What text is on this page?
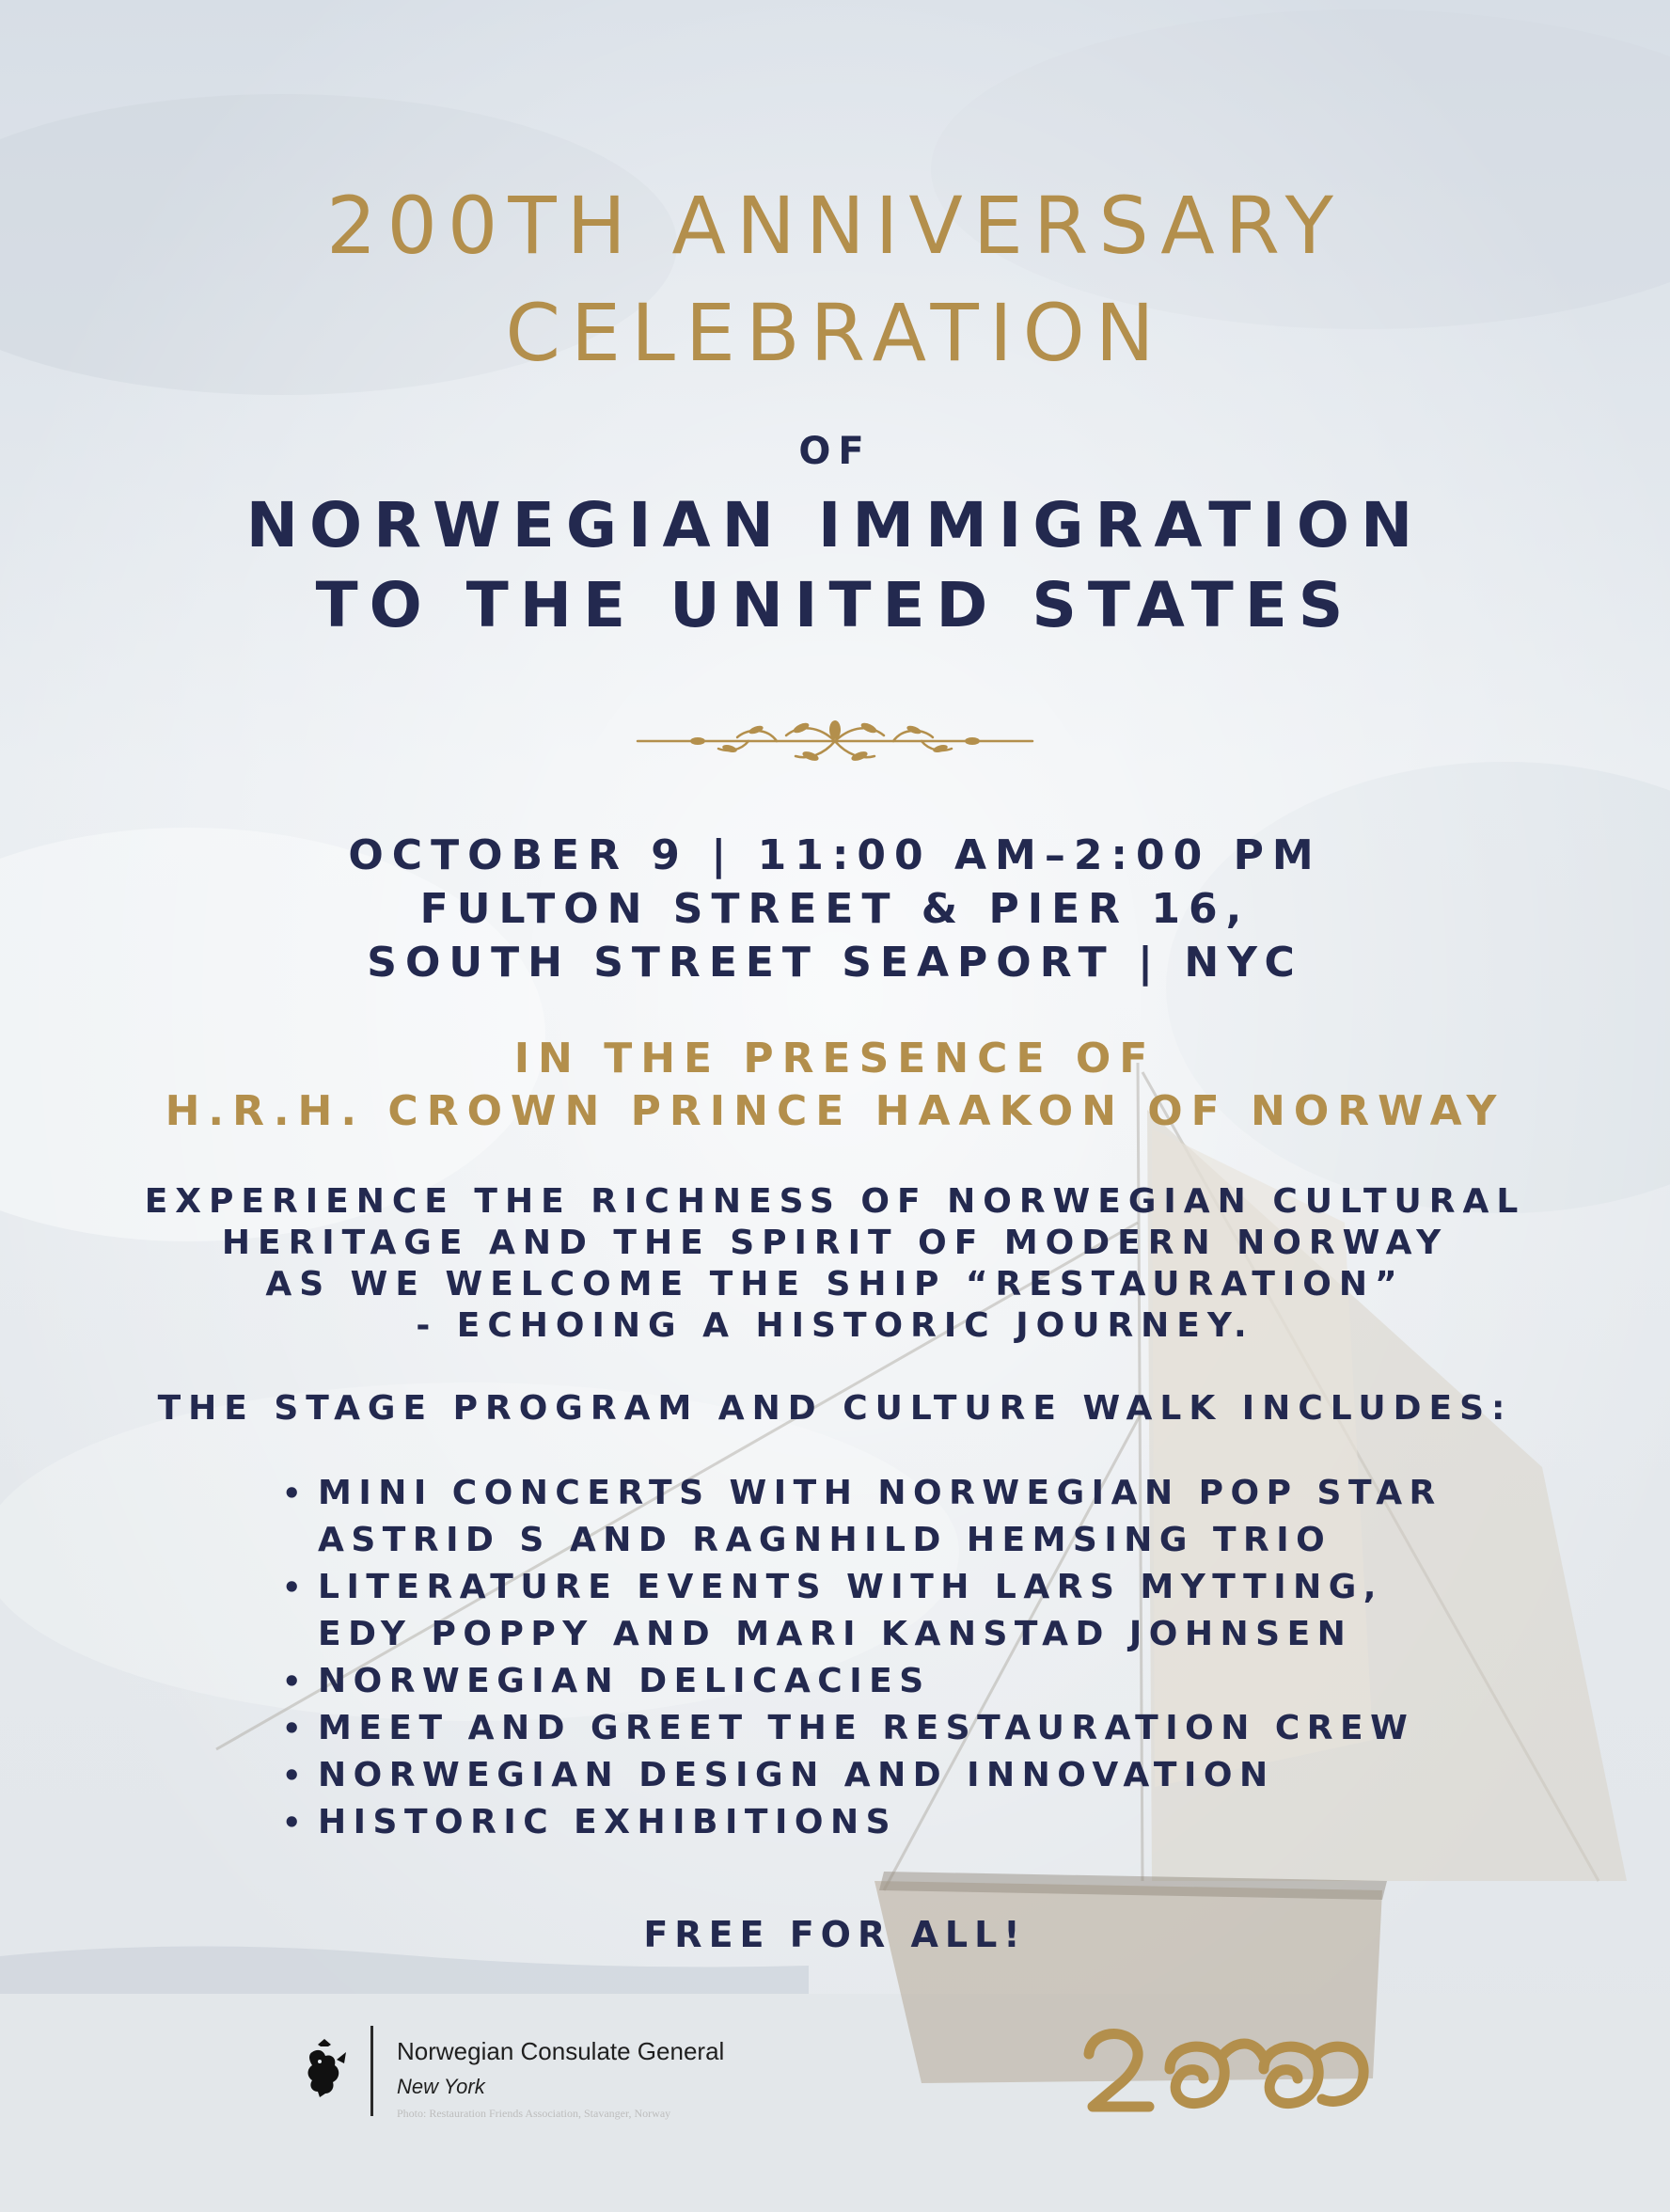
200TH ANNIVERSARY
CELEBRATION
OF
NORWEGIAN IMMIGRATION
TO THE UNITED STATES
OCTOBER 9 | 11:00 AM–2:00 PM
FULTON STREET & PIER 16,
SOUTH STREET SEAPORT | NYC
IN THE PRESENCE OF
H.R.H. CROWN PRINCE HAAKON OF NORWAY
EXPERIENCE THE RICHNESS OF NORWEGIAN CULTURAL
HERITAGE AND THE SPIRIT OF MODERN NORWAY
AS WE WELCOME THE SHIP “RESTAURATION”
- ECHOING A HISTORIC JOURNEY.
THE STAGE PROGRAM AND CULTURE WALK INCLUDES:
• MINI CONCERTS WITH NORWEGIAN POP STAR
ASTRID S AND RAGNHILD HEMSING TRIO
• LITERATURE EVENTS WITH LARS MYTTING,
EDY POPPY AND MARI KANSTAD JOHNSEN
• NORWEGIAN DELICACIES
• MEET AND GREET THE RESTAURATION CREW
• NORWEGIAN DESIGN AND INNOVATION
• HISTORIC EXHIBITIONS
FREE FOR ALL!
Norwegian Consulate General
New York
Photo: Restauration Friends Association, Stavanger, Norway
